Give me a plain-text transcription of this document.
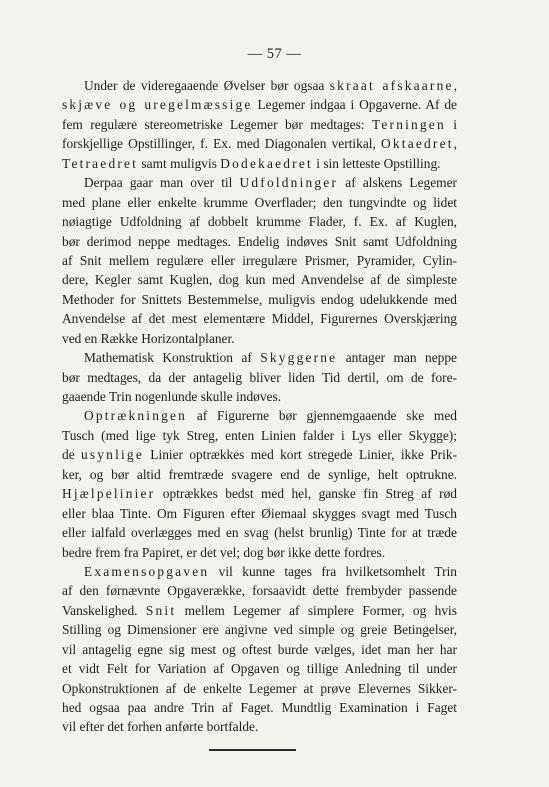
— 57 —
Under de videregaaende Øvelser bør ogsaa skraat afskaarne,
skjæve og uregelmæssige Legemer indgaa i Opgaverne. Af de
fem regulære stereometriske Legemer bør medtages: Terningen i
forskjellige Opstillinger, f. Ex. med Diagonalen vertikal, Oktaedret,
Tetraedret samt muligvis Dodekaedret i sin letteste Opstilling.
Derpaa gaar man over til Udfoldninger af alskens Legemer
med plane eller enkelte krumme Overflader; den tungvindte og lidet
nøiagtige Udfoldning af dobbelt krumme Flader, f. Ex. af Kuglen,
bør derimod neppe medtages. Endelig indøves Snit samt Udfoldning
af Snit mellem regulære eller irregulære Prismer, Pyramider, Cylin-
dere, Kegler samt Kuglen, dog kun med Anvendelse af de simpleste
Methoder for Snittets Bestemmelse, muligvis endog udelukkende med
Anvendelse af det mest elementære Middel, Figurernes Overskjæring
ved en Række Horizontalplaner.
Mathematisk Konstruktion af Skyggerne antager man neppe
bør medtages, da der antagelig bliver liden Tid dertil, om de fore-
gaaende Trin nogenlunde skulle indøves.
Optrækningen af Figurerne bør gjennemgaaende ske med
Tusch (med lige tyk Streg, enten Linien falder i Lys eller Skygge);
de usynlige Linier optrækkes med kort stregede Linier, ikke Prik-
ker, og bør altid fremtræde svagere end de synlige, helt optrukne.
Hjælpelinier optrækkes bedst med hel, ganske fin Streg af rød
eller blaa Tinte. Om Figuren efter Øiemaal skygges svagt med Tusch
eller ialfald overlægges med en svag (helst brunlig) Tinte for at træde
bedre frem fra Papiret, er det vel; dog bør ikke dette fordres.
Examensopgaven vil kunne tages fra hvilketsomhelt Trin
af den førnævnte Opgaverække, forsaavidt dette frembyder passende
Vanskelighed. Snit mellem Legemer af simplere Former, og hvis
Stilling og Dimensioner ere angivne ved simple og greie Betingelser,
vil antagelig egne sig mest og oftest burde vælges, idet man her har
et vidt Felt for Variation af Opgaven og tillige Anledning til under
Opkonstruktionen af de enkelte Legemer at prøve Elevernes Sikker-
hed ogsaa paa andre Trin af Faget. Mundtlig Examination i Faget
vil efter det forhen anførte bortfalde.
